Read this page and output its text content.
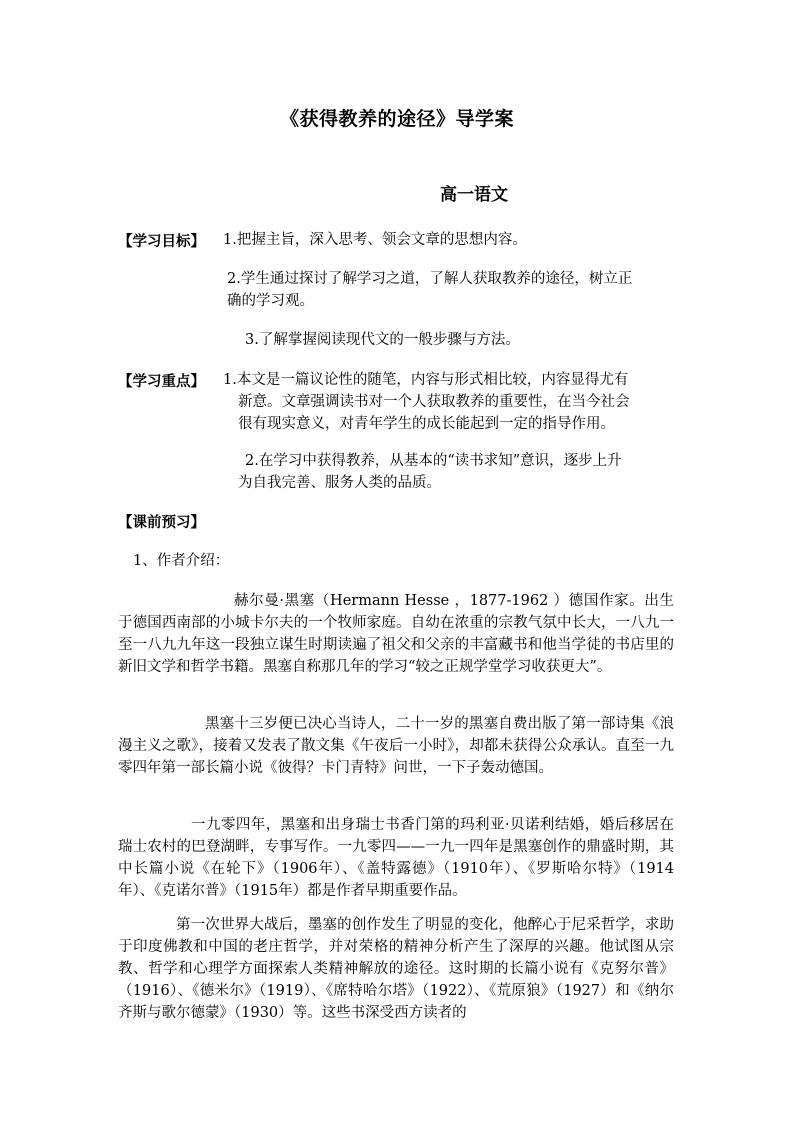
《获得教养的途径》导学案
高一语文
【学习目标】 1.把握主旨，深入思考、领会文章的思想内容。
2.学生通过探讨了解学习之道，了解人获取教养的途径，树立正
确的学习观。
3.了解掌握阅读现代文的一般步骤与方法。
【学习重点】 1.本文是一篇议论性的随笔，内容与形式相比较，内容显得尤有
新意。文章强调读书对一个人获取教养的重要性，在当今社会
很有现实意义，对青年学生的成长能起到一定的指导作用。
2.在学习中获得教养，从基本的“读书求知”意识，逐步上升
为自我完善、服务人类的品质。
【课前预习】
1、作者介绍：
赫尔曼·黑塞（Hermann Hesse ，1877-1962 ）德国作家。出生于德国西南部的小城卡尔夫的一个牧师家庭。自幼在浓重的宗教气氛中长大，一八九一至一八九九年这一段独立谋生时期读遍了祖父和父亲的丰富藏书和他当学徒的书店里的新旧文学和哲学书籍。黑塞自称那几年的学习“较之正规学堂学习收获更大”。
黑塞十三岁便已决心当诗人，二十一岁的黑塞自费出版了第一部诗集《浪漫主义之歌》，接着又发表了散文集《午夜后一小时》，却都未获得公众承认。直至一九零四年第一部长篇小说《彼得？卡门青特》问世，一下子轰动德国。
一九零四年，黑塞和出身瑞士书香门第的玛利亚·贝诺利结婚，婚后移居在瑞士农村的巴登湖畔，专事写作。一九零四——一九一四年是黑塞创作的鼎盛时期，其中长篇小说《在轮下》（1906年）、《盖特露德》（1910年）、《罗斯哈尔特》（1914年）、《克诺尔普》（1915年）都是作者早期重要作品。
第一次世界大战后，墨塞的创作发生了明显的变化，他醉心于尼采哲学，求助于印度佛教和中国的老庄哲学，并对荣格的精神分析产生了深厚的兴趣。他试图从宗教、哲学和心理学方面探索人类精神解放的途径。这时期的长篇小说有《克努尔普》（1916）、《德米尔》（1919）、《席特哈尔塔》（1922）、《荒原狼》（1927）和《纳尔齐斯与歌尔德蒙》（1930）等。这些书深受西方读者的
